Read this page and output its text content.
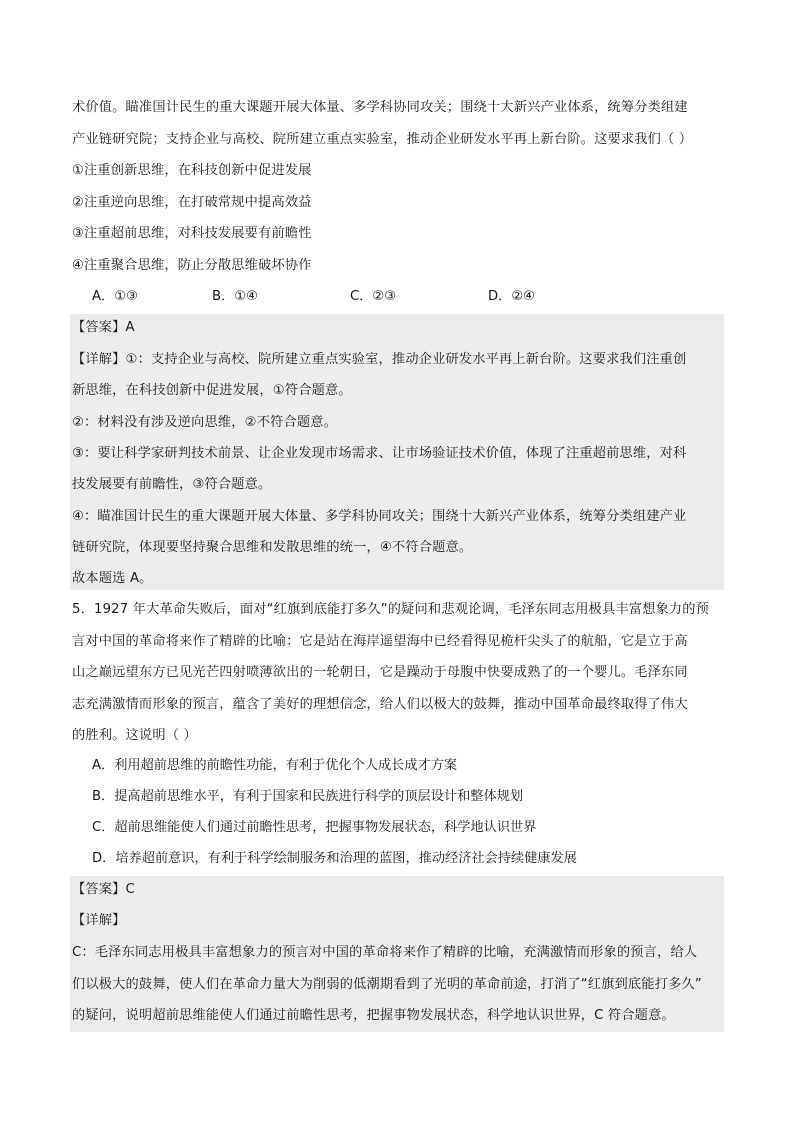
术价值。瞄准国计民生的重大课题开展大体量、多学科协同攻关；围绕十大新兴产业体系，统筹分类组建
产业链研究院；支持企业与高校、院所建立重点实验室，推动企业研发水平再上新台阶。这要求我们（ ）
①注重创新思维，在科技创新中促进发展
②注重逆向思维，在打破常规中提高效益
③注重超前思维，对科技发展要有前瞻性
④注重聚合思维，防止分散思维破坏协作
A．①③	B．①④	C．②③	D．②④
【答案】A
【详解】①：支持企业与高校、院所建立重点实验室，推动企业研发水平再上新台阶。这要求我们注重创
新思维，在科技创新中促进发展，①符合题意。
②：材料没有涉及逆向思维，②不符合题意。
③：要让科学家研判技术前景、让企业发现市场需求、让市场验证技术价值，体现了注重超前思维，对科
技发展要有前瞻性，③符合题意。
④：瞄准国计民生的重大课题开展大体量、多学科协同攻关；围绕十大新兴产业体系，统筹分类组建产业
链研究院，体现要坚持聚合思维和发散思维的统一，④不符合题意。
故本题选 A。
5．1927 年大革命失败后，面对“红旗到底能打多久”的疑问和悲观论调，毛泽东同志用极具丰富想象力的预
言对中国的革命将来作了精辟的比喻：它是站在海岸遥望海中已经看得见桅杆尖头了的航船，它是立于高
山之巅远望东方已见光芒四射喷薄欲出的一轮朝日，它是躁动于母腹中快要成熟了的一个婴儿。毛泽东同
志充满激情而形象的预言，蕴含了美好的理想信念，给人们以极大的鼓舞，推动中国革命最终取得了伟大
的胜利。这说明（ ）
A．利用超前思维的前瞻性功能，有利于优化个人成长成才方案
B．提高超前思维水平，有利于国家和民族进行科学的顶层设计和整体规划
C．超前思维能使人们通过前瞻性思考，把握事物发展状态，科学地认识世界
D．培养超前意识，有利于科学绘制服务和治理的蓝图，推动经济社会持续健康发展
【答案】C
【详解】
C：毛泽东同志用极具丰富想象力的预言对中国的革命将来作了精辟的比喻，充满激情而形象的预言，给人
们以极大的鼓舞，使人们在革命力量大为削弱的低潮期看到了光明的革命前途，打消了“红旗到底能打多久”
的疑问，说明超前思维能使人们通过前瞻性思考，把握事物发展状态，科学地认识世界，C 符合题意。
